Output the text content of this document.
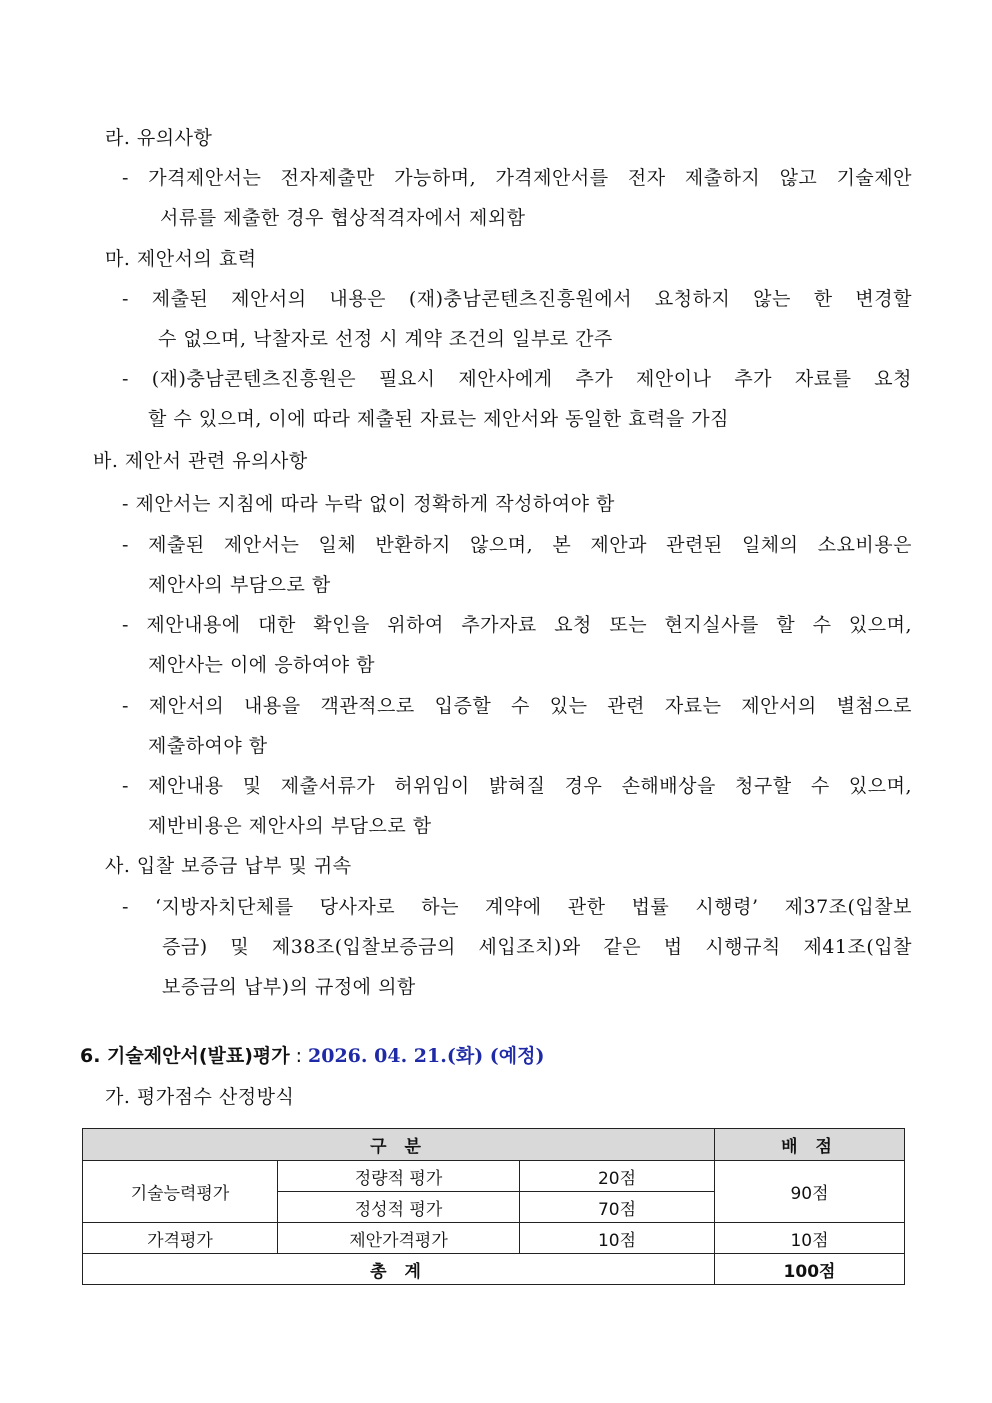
라. 유의사항
- 가격제안서는 전자제출만 가능하며, 가격제안서를 전자 제출하지 않고 기술제안
서류를 제출한 경우 협상적격자에서 제외함
마. 제안서의 효력
- 제출된 제안서의 내용은 (재)충남콘텐츠진흥원에서 요청하지 않는 한 변경할
수 없으며, 낙찰자로 선정 시 계약 조건의 일부로 간주
- (재)충남콘텐츠진흥원은 필요시 제안사에게 추가 제안이나 추가 자료를 요청
할 수 있으며, 이에 따라 제출된 자료는 제안서와 동일한 효력을 가짐
바. 제안서 관련 유의사항
- 제안서는 지침에 따라 누락 없이 정확하게 작성하여야 함
- 제출된 제안서는 일체 반환하지 않으며, 본 제안과 관련된 일체의 소요비용은
제안사의 부담으로 함
- 제안내용에 대한 확인을 위하여 추가자료 요청 또는 현지실사를 할 수 있으며,
제안사는 이에 응하여야 함
- 제안서의 내용을 객관적으로 입증할 수 있는 관련 자료는 제안서의 별첨으로
제출하여야 함
- 제안내용 및 제출서류가 허위임이 밝혀질 경우 손해배상을 청구할 수 있으며,
제반비용은 제안사의 부담으로 함
사. 입찰 보증금 납부 및 귀속
- ‘지방자치단체를 당사자로 하는 계약에 관한 법률 시행령’ 제37조(입찰보
증금) 및 제38조(입찰보증금의 세입조치)와 같은 법 시행규칙 제41조(입찰
보증금의 납부)의 규정에 의함
6. 기술제안서(발표)평가 : 2026. 04. 21.(화) (예정)
가. 평가점수 산정방식
구 분			배 점
기술능력평가	정량적 평가	20점	90점
	정성적 평가	70점	
가격평가	제안가격평가	10점	10점
총 계			100점
